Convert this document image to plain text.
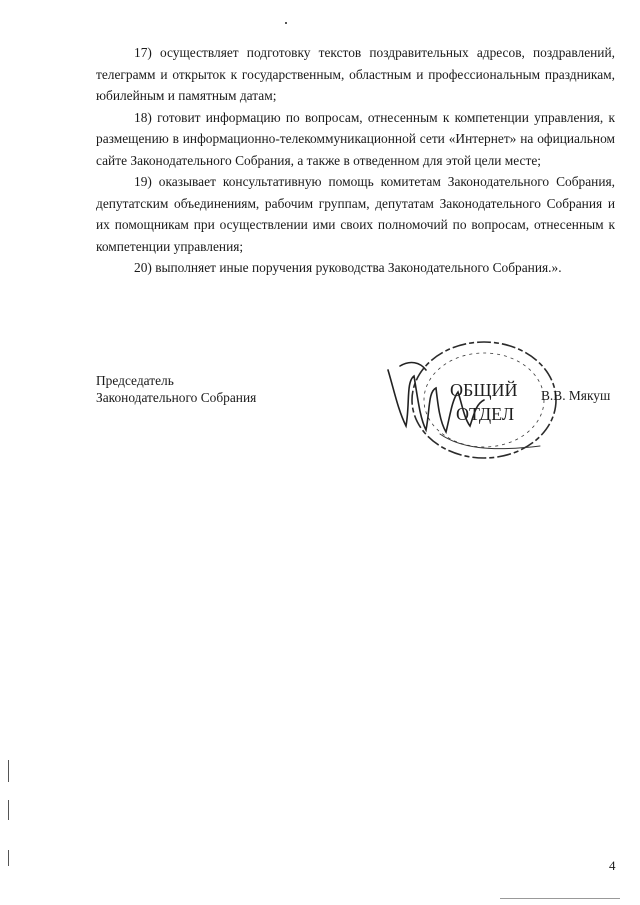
17) осуществляет подготовку текстов поздравительных адресов, поздравлений, телеграмм и открыток к государственным, областным и профессиональным праздникам, юбилейным и памятным датам;

18) готовит информацию по вопросам, отнесенным к компетенции управления, к размещению в информационно-телекоммуникационной сети «Интернет» на официальном сайте Законодательного Собрания, а также в отведенном для этой цели месте;

19) оказывает консультативную помощь комитетам Законодательного Собрания, депутатским объединениям, рабочим группам, депутатам Законодательного Собрания и их помощникам при осуществлении ими своих полномочий по вопросам, отнесенным к компетенции управления;

20) выполняет иные поручения руководства Законодательного Собрания.».

Председатель
Законодательного Собрания	ОБЩИЙ
ОТДЕЛ
В.В. Мякуш
4
